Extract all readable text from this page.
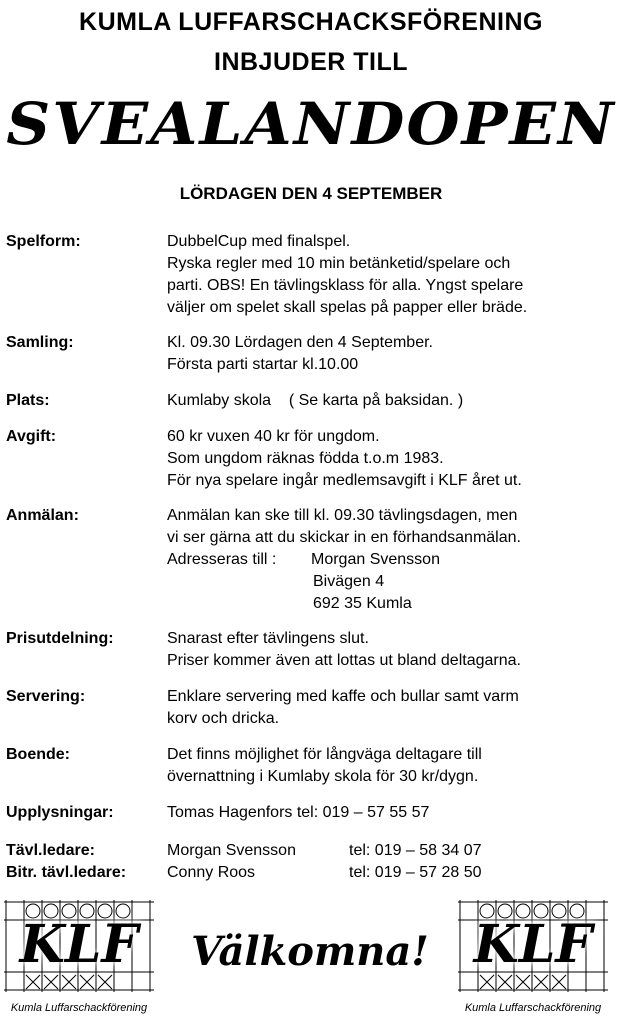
KUMLA LUFFARSCHACKSFÖRENING
INBJUDER TILL
SVEALANDOPEN
LÖRDAGEN DEN 4 SEPTEMBER
Spelform:	DubbelCup med finalspel.
Ryska regler med 10 min betänketid/spelare och
parti. OBS! En tävlingsklass för alla. Yngst spelare
väljer om spelet skall spelas på papper eller bräde.
Samling:	Kl. 09.30 Lördagen den 4 September.
Första parti startar kl.10.00
Plats:	Kumlaby skola    ( Se karta på baksidan. )
Avgift:	60 kr vuxen 40 kr för ungdom.
Som ungdom räknas födda t.o.m 1983.
För nya spelare ingår medlemsavgift i KLF året ut.
Anmälan:	Anmälan kan ske till kl. 09.30 tävlingsdagen, men
vi ser gärna att du skickar in en förhandsanmälan.
Adresseras till : Morgan Svensson
Bivägen 4
692 35 Kumla
Prisutdelning:	Snarast efter tävlingens slut.
Priser kommer även att lottas ut bland deltagarna.
Servering:	Enklare servering med kaffe och bullar samt varm
korv och dricka.
Boende:	Det finns möjlighet för långväga deltagare till
övernattning i Kumlaby skola för 30 kr/dygn.
Upplysningar:	Tomas Hagenfors tel: 019 – 57 55 57
Tävl.ledare:	Morgan Svensson	tel: 019 – 58 34 07
Bitr. tävl.ledare:	Conny Roos	tel: 019 – 57 28 50
KLF
Kumla Luffarschackförening
Välkomna! KLF
Kumla Luffarschackförening
